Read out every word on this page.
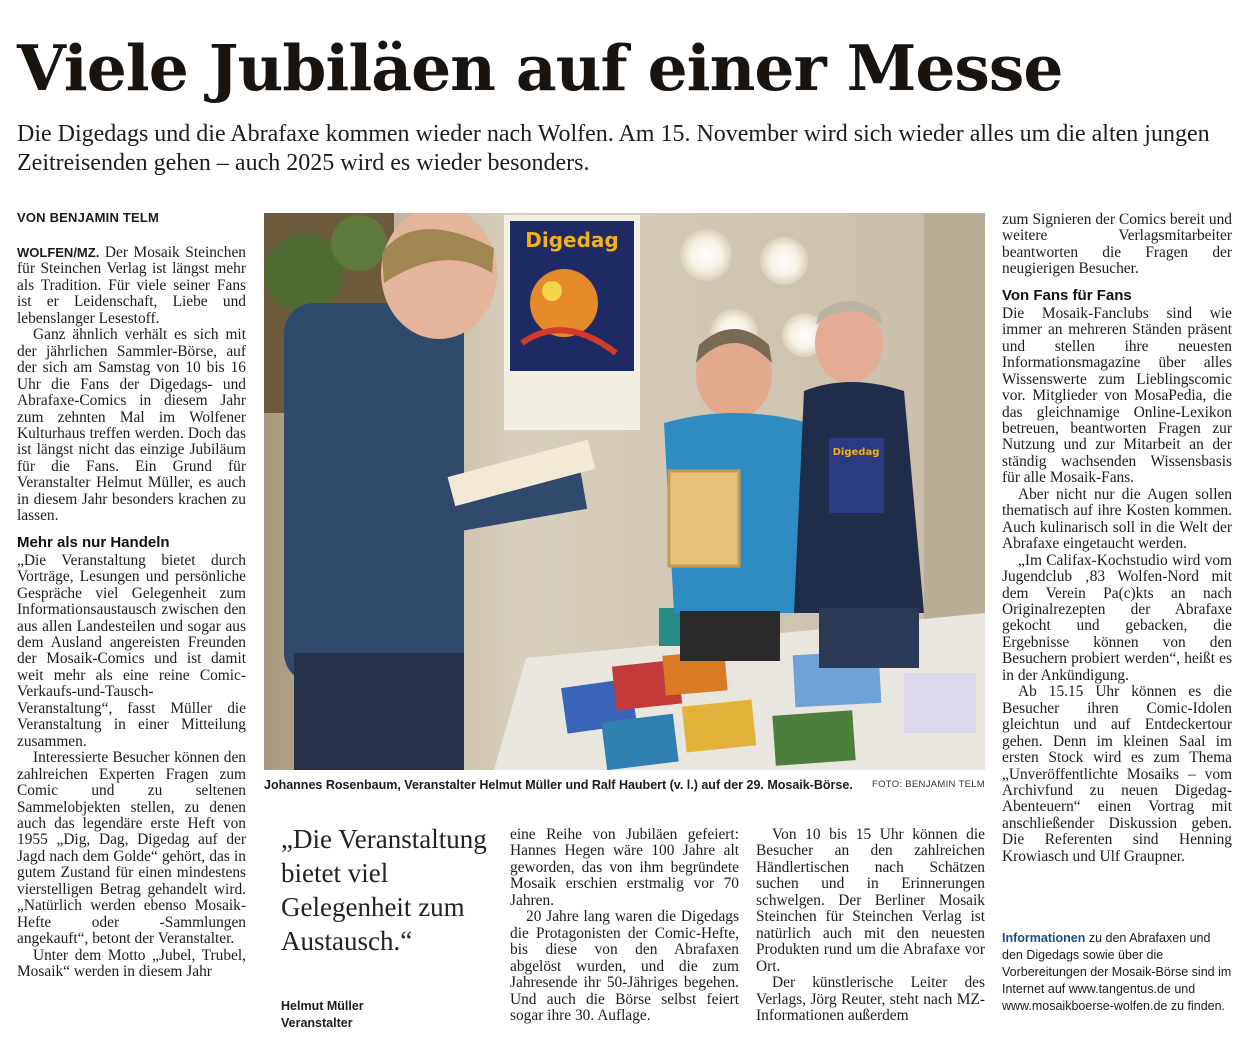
Viele Jubiläen auf einer Messe
Die Digedags und die Abrafaxe kommen wieder nach Wolfen. Am 15. November wird sich wieder alles um die alten jungen Zeitreisenden gehen – auch 2025 wird es wieder besonders.
VON BENJAMIN TELM

WOLFEN/MZ. Der Mosaik Steinchen für Steinchen Verlag ist längst mehr als Tradition. Für viele seiner Fans ist er Leidenschaft, Liebe und lebenslanger Lesestoff.

Ganz ähnlich verhält es sich mit der jährlichen Sammler-Börse, auf der sich am Samstag von 10 bis 16 Uhr die Fans der Digedags- und Abrafaxe-Comics in diesem Jahr zum zehnten Mal im Wolfener Kulturhaus treffen werden. Doch das ist längst nicht das einzige Jubiläum für die Fans. Ein Grund für Veranstalter Helmut Müller, es auch in diesem Jahr besonders krachen zu lassen.

Mehr als nur Handeln

„Die Veranstaltung bietet durch Vorträge, Lesungen und persönliche Gespräche viel Gelegenheit zum Informationsaustausch zwischen den aus allen Landesteilen und sogar aus dem Ausland angereisten Freunden der Mosaik-Comics und ist damit weit mehr als eine reine Comic-Verkaufs-und-Tausch-Veranstaltung“, fasst Müller die Veranstaltung in einer Mitteilung zusammen.

Interessierte Besucher können den zahlreichen Experten Fragen zum Comic und zu seltenen Sammelobjekten stellen, zu denen auch das legendäre erste Heft von 1955 „Dig, Dag, Digedag auf der Jagd nach dem Golde“ gehört, das in gutem Zustand für einen mindestens vierstelligen Betrag gehandelt wird. „Natürlich werden ebenso Mosaik-Hefte oder -Sammlungen angekauft“, betont der Veranstalter.

Unter dem Motto „Jubel, Trubel, Mosaik“ werden in diesem Jahr

Digedag
Digedag
Johannes Rosenbaum, Veranstalter Helmut Müller und Ralf Haubert (v. l.) auf der 29. Mosaik-Börse. FOTO: BENJAMIN TELM
„Die Veranstaltung bietet viel Gelegenheit zum Austausch.“
Helmut Müller
Veranstalter

eine Reihe von Jubiläen gefeiert: Hannes Hegen wäre 100 Jahre alt geworden, das von ihm begründete Mosaik erschien erstmalig vor 70 Jahren.

20 Jahre lang waren die Digedags die Protagonisten der Comic-Hefte, bis diese von den Abrafaxen abgelöst wurden, und die zum Jahresende ihr 50-Jähriges begehen. Und auch die Börse selbst feiert sogar ihre 30. Auflage.

Von 10 bis 15 Uhr können die Besucher an den zahlreichen Händlertischen nach Schätzen suchen und in Erinnerungen schwelgen. Der Berliner Mosaik Steinchen für Steinchen Verlag ist natürlich auch mit den neuesten Produkten rund um die Abrafaxe vor Ort.

Der künstlerische Leiter des Verlags, Jörg Reuter, steht nach MZ-Informationen außerdem

zum Signieren der Comics bereit und weitere Verlagsmitarbeiter beantworten die Fragen der neugierigen Besucher.

Von Fans für Fans

Die Mosaik-Fanclubs sind wie immer an mehreren Ständen präsent und stellen ihre neuesten Informationsmagazine über alles Wissenswerte zum Lieblingscomic vor. Mitglieder von MosaPedia, die das gleichnamige Online-Lexikon betreuen, beantworten Fragen zur Nutzung und zur Mitarbeit an der ständig wachsenden Wissensbasis für alle Mosaik-Fans.

Aber nicht nur die Augen sollen thematisch auf ihre Kosten kommen. Auch kulinarisch soll in die Welt der Abrafaxe eingetaucht werden.

„Im Califax-Kochstudio wird vom Jugendclub ‚83 Wolfen-Nord mit dem Verein Pa(c)kts an nach Originalrezepten der Abrafaxe gekocht und gebacken, die Ergebnisse können von den Besuchern probiert werden“, heißt es in der Ankündigung.

Ab 15.15 Uhr können es die Besucher ihren Comic-Idolen gleichtun und auf Entdeckertour gehen. Denn im kleinen Saal im ersten Stock wird es zum Thema „Unveröffentlichte Mosaiks – vom Archivfund zu neuen Digedag-Abenteuern“ einen Vortrag mit anschließender Diskussion geben. Die Referenten sind Henning Krowiasch und Ulf Graupner.

Informationen zu den Abrafaxen und den Digedags sowie über die Vorbereitungen der Mosaik-Börse sind im Internet auf www.tangentus.de und www.mosaikboerse-wolfen.de zu finden.
